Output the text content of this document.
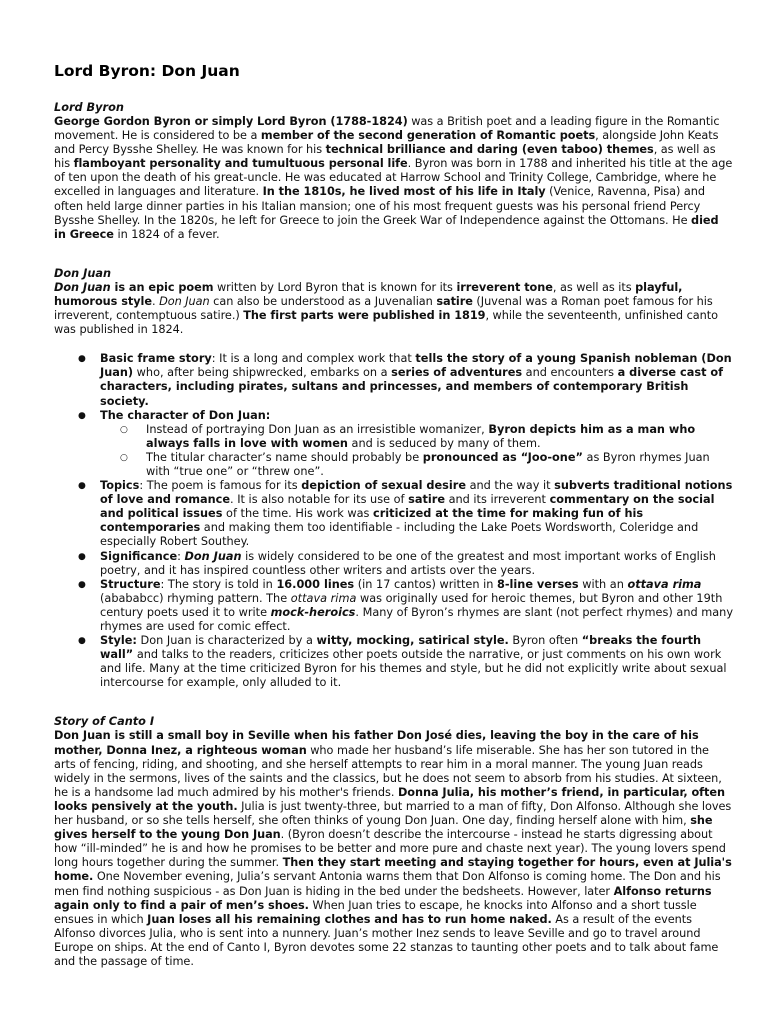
Lord Byron: Don Juan
Lord Byron

George Gordon Byron or simply Lord Byron (1788-1824) was a British poet and a leading figure in the Romantic movement. He is considered to be a member of the second generation of Romantic poets, alongside John Keats and Percy Bysshe Shelley. He was known for his technical brilliance and daring (even taboo) themes, as well as his flamboyant personality and tumultuous personal life. Byron was born in 1788 and inherited his title at the age of ten upon the death of his great-uncle. He was educated at Harrow School and Trinity College, Cambridge, where he excelled in languages and literature. In the 1810s, he lived most of his life in Italy (Venice, Ravenna, Pisa) and often held large dinner parties in his Italian mansion; one of his most frequent guests was his personal friend Percy Bysshe Shelley. In the 1820s, he left for Greece to join the Greek War of Independence against the Ottomans. He died in Greece in 1824 of a fever.

Don Juan

Don Juan is an epic poem written by Lord Byron that is known for its irreverent tone, as well as its playful, humorous style. Don Juan can also be understood as a Juvenalian satire (Juvenal was a Roman poet famous for his irreverent, contemptuous satire.) The first parts were published in 1819, while the seventeenth, unfinished canto was published in 1824.

● Basic frame story: It is a long and complex work that tells the story of a young Spanish nobleman (Don Juan) who, after being shipwrecked, embarks on a series of adventures and encounters a diverse cast of characters, including pirates, sultans and princesses, and members of contemporary British society.
● The character of Don Juan:
○ Instead of portraying Don Juan as an irresistible womanizer, Byron depicts him as a man who always falls in love with women and is seduced by many of them.
○ The titular character’s name should probably be pronounced as “Joo-one” as Byron rhymes Juan with “true one” or “threw one”.
● Topics: The poem is famous for its depiction of sexual desire and the way it subverts traditional notions of love and romance. It is also notable for its use of satire and its irreverent commentary on the social and political issues of the time. His work was criticized at the time for making fun of his contemporaries and making them too identifiable - including the Lake Poets Wordsworth, Coleridge and especially Robert Southey.
● Significance: Don Juan is widely considered to be one of the greatest and most important works of English poetry, and it has inspired countless other writers and artists over the years.
● Structure: The story is told in 16.000 lines (in 17 cantos) written in 8-line verses with an ottava rima (abababcc) rhyming pattern. The ottava rima was originally used for heroic themes, but Byron and other 19th century poets used it to write mock-heroics. Many of Byron’s rhymes are slant (not perfect rhymes) and many rhymes are used for comic effect.
● Style: Don Juan is characterized by a witty, mocking, satirical style. Byron often “breaks the fourth wall” and talks to the readers, criticizes other poets outside the narrative, or just comments on his own work and life. Many at the time criticized Byron for his themes and style, but he did not explicitly write about sexual intercourse for example, only alluded to it.
Story of Canto I

Don Juan is still a small boy in Seville when his father Don José dies, leaving the boy in the care of his mother, Donna Inez, a righteous woman who made her husband’s life miserable. She has her son tutored in the arts of fencing, riding, and shooting, and she herself attempts to rear him in a moral manner. The young Juan reads widely in the sermons, lives of the saints and the classics, but he does not seem to absorb from his studies. At sixteen, he is a handsome lad much admired by his mother's friends. Donna Julia, his mother’s friend, in particular, often looks pensively at the youth. Julia is just twenty-three, but married to a man of fifty, Don Alfonso. Although she loves her husband, or so she tells herself, she often thinks of young Don Juan. One day, finding herself alone with him, she gives herself to the young Don Juan. (Byron doesn’t describe the intercourse - instead he starts digressing about how “ill-minded” he is and how he promises to be better and more pure and chaste next year). The young lovers spend long hours together during the summer. Then they start meeting and staying together for hours, even at Julia's home. One November evening, Julia’s servant Antonia warns them that Don Alfonso is coming home. The Don and his men find nothing suspicious - as Don Juan is hiding in the bed under the bedsheets. However, later Alfonso returns again only to find a pair of men’s shoes. When Juan tries to escape, he knocks into Alfonso and a short tussle ensues in which Juan loses all his remaining clothes and has to run home naked. As a result of the events Alfonso divorces Julia, who is sent into a nunnery. Juan’s mother Inez sends to leave Seville and go to travel around Europe on ships. At the end of Canto I, Byron devotes some 22 stanzas to taunting other poets and to talk about fame and the passage of time.
